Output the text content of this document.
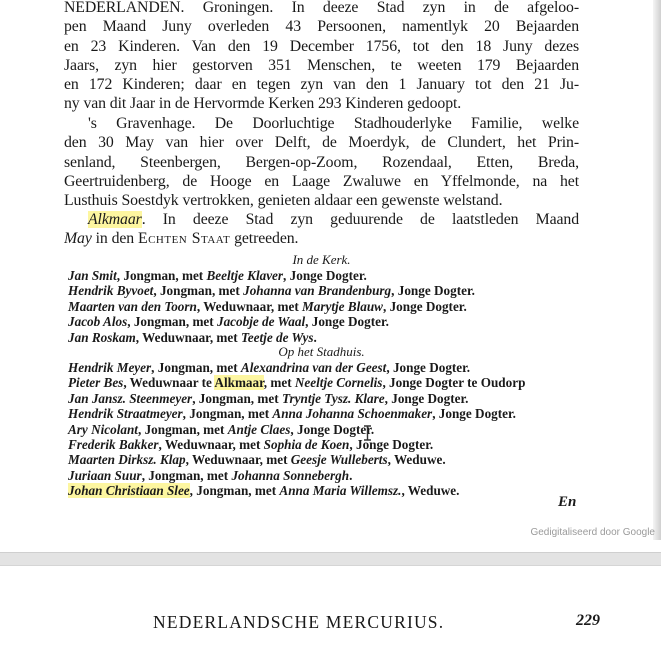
NEDERLANDEN. Groningen. In deeze Stad zyn in de afgeloo-
pen Maand Juny overleden 43 Persoonen, namentlyk 20 Bejaarden
en 23 Kinderen. Van den 19 December 1756, tot den 18 Juny dezes
Jaars, zyn hier gestorven 351 Menschen, te weeten 179 Bejaarden
en 172 Kinderen; daar en tegen zyn van den 1 January tot den 21 Ju-
ny van dit Jaar in de Hervormde Kerken 293 Kinderen gedoopt.
's Gravenhage. De Doorluchtige Stadhouderlyke Familie, welke
den 30 May van hier over Delft, de Moerdyk, de Clundert, het Prin-
senland, Steenbergen, Bergen-op-Zoom, Rozendaal, Etten, Breda,
Geertruidenberg, de Hooge en Laage Zwaluwe en Yffelmonde, na het
Lusthuis Soestdyk vertrokken, genieten aldaar een gewenste welstand.
Alkmaar. In deeze Stad zyn geduurende de laatstleden Maand
May in den Echten Staat getreeden.
In de Kerk.
Jan Smit, Jongman, met Beeltje Klaver, Jonge Dogter.
Hendrik Byvoet, Jongman, met Johanna van Brandenburg, Jonge Dogter.
Maarten van den Toorn, Weduwnaar, met Marytje Blauw, Jonge Dogter.
Jacob Alos, Jongman, met Jacobje de Waal, Jonge Dogter.
Jan Roskam, Weduwnaar, met Teetje de Wys.
Op het Stadhuis.
Hendrik Meyer, Jongman, met Alexandrina van der Geest, Jonge Dogter.
Pieter Bes, Weduwnaar te Alkmaar, met Neeltje Cornelis, Jonge Dogter te Oudorp
Jan Jansz. Steenmeyer, Jongman, met Tryntje Tysz. Klare, Jonge Dogter.
Hendrik Straatmeyer, Jongman, met Anna Johanna Schoenmaker, Jonge Dogter.
Ary Nicolant, Jongman, met Antje Claes, Jonge Dogter.
Frederik Bakker, Weduwnaar, met Sophia de Koen, Jonge Dogter.
Maarten Dirksz. Klap, Weduwnaar, met Geesje Wulleberts, Weduwe.
Juriaan Suur, Jongman, met Johanna Sonnebergh.
Johan Christiaan Slee, Jongman, met Anna Maria Willemsz., Weduwe.
En
Gedigitaliseerd door Google
NEDERLANDSCHE MERCURIUS.	229
